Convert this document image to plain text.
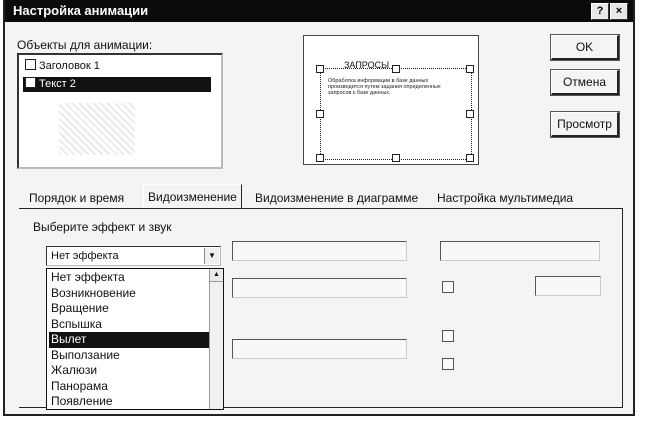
Настройка анимации	?	×
Объекты для анимации:
Заголовок 1
Текст 2
ЗАПРОСЫ
Обработка информации в базе данных производится путем задания определенных запросов к базе данных.
OK
Отмена
Просмотр
Порядок и время	Видоизменение	Видоизменение в диаграмме Настройка мультимедиа
Выберите эффект и звук
Нет эффекта	▼
Нет эффекта
Возникновение
Вращение
Вспышка
Вылет
Выползание
Жалюзи
Панорама
Появление
▲
